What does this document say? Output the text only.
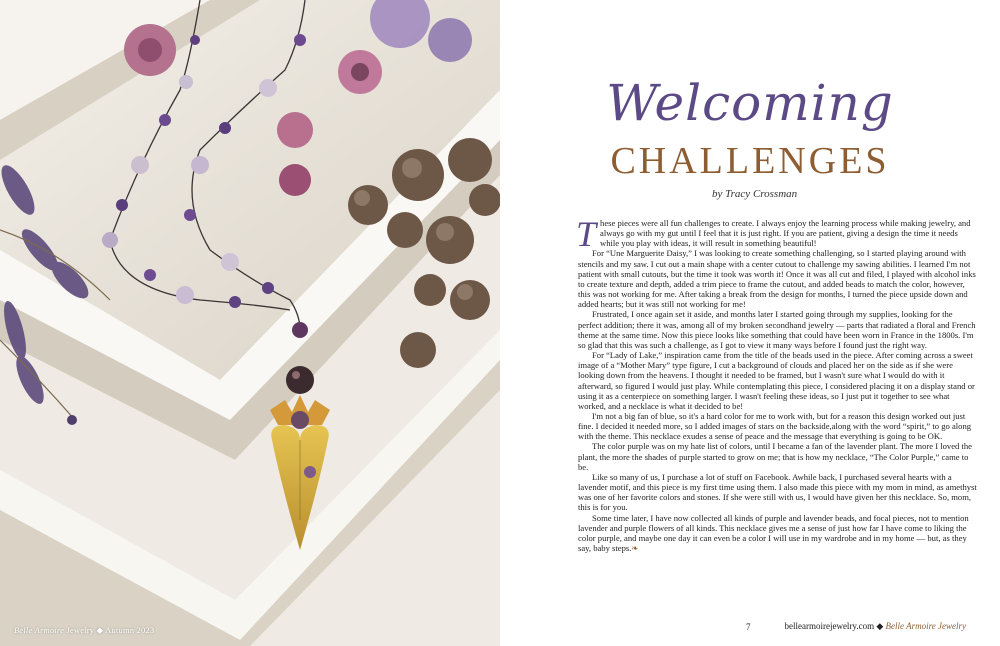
Belle Armoire Jewelry ◆ Autumn 2023
Welcoming
CHALLENGES
by Tracy Crossman

These pieces were all fun challenges to create. I always enjoy the learning process while making jewelry, and always go with my gut until I feel that it is just right. If you are patient, giving a design the time it needs while you play with ideas, it will result in something beautiful!

For “Une Marguerite Daisy,” I was looking to create something challenging, so I started playing around with stencils and my saw. I cut out a main shape with a center cutout to challenge my sawing abilities. I learned I'm not patient with small cutouts, but the time it took was worth it! Once it was all cut and filed, I played with alcohol inks to create texture and depth, added a trim piece to frame the cutout, and added beads to match the color, however, this was not working for me. After taking a break from the design for months, I turned the piece upside down and added hearts; but it was still not working for me!

Frustrated, I once again set it aside, and months later I started going through my supplies, looking for the perfect addition; there it was, among all of my broken secondhand jewelry — parts that radiated a floral and French theme at the same time. Now this piece looks like something that could have been worn in France in the 1800s. I'm so glad that this was such a challenge, as I got to view it many ways before I found just the right way.

For “Lady of Lake,” inspiration came from the title of the beads used in the piece. After coming across a sweet image of a “Mother Mary” type figure, I cut a background of clouds and placed her on the side as if she were looking down from the heavens. I thought it needed to be framed, but I wasn't sure what I would do with it afterward, so figured I would just play. While contemplating this piece, I considered placing it on a display stand or using it as a centerpiece on something larger. I wasn't feeling these ideas, so I just put it together to see what worked, and a necklace is what it decided to be!

I'm not a big fan of blue, so it's a hard color for me to work with, but for a reason this design worked out just fine. I decided it needed more, so I added images of stars on the backside,along with the word “spirit,” to go along with the theme. This necklace exudes a sense of peace and the message that everything is going to be OK.

The color purple was on my hate list of colors, until I became a fan of the lavender plant. The more I loved the plant, the more the shades of purple started to grow on me; that is how my necklace, “The Color Purple,” came to be.

Like so many of us, I purchase a lot of stuff on Facebook. Awhile back, I purchased several hearts with a lavender motif, and this piece is my first time using them. I also made this piece with my mom in mind, as amethyst was one of her favorite colors and stones. If she were still with us, I would have given her this necklace. So, mom, this is for you.

Some time later, I have now collected all kinds of purple and lavender beads, and focal pieces, not to mention lavender and purple flowers of all kinds. This necklace gives me a sense of just how far I have come to liking the color purple, and maybe one day it can even be a color I will use in my wardrobe and in my home — but, as they say, baby steps.❧

7	bellearmoirejewelry.com ◆ Belle Armoire Jewelry
